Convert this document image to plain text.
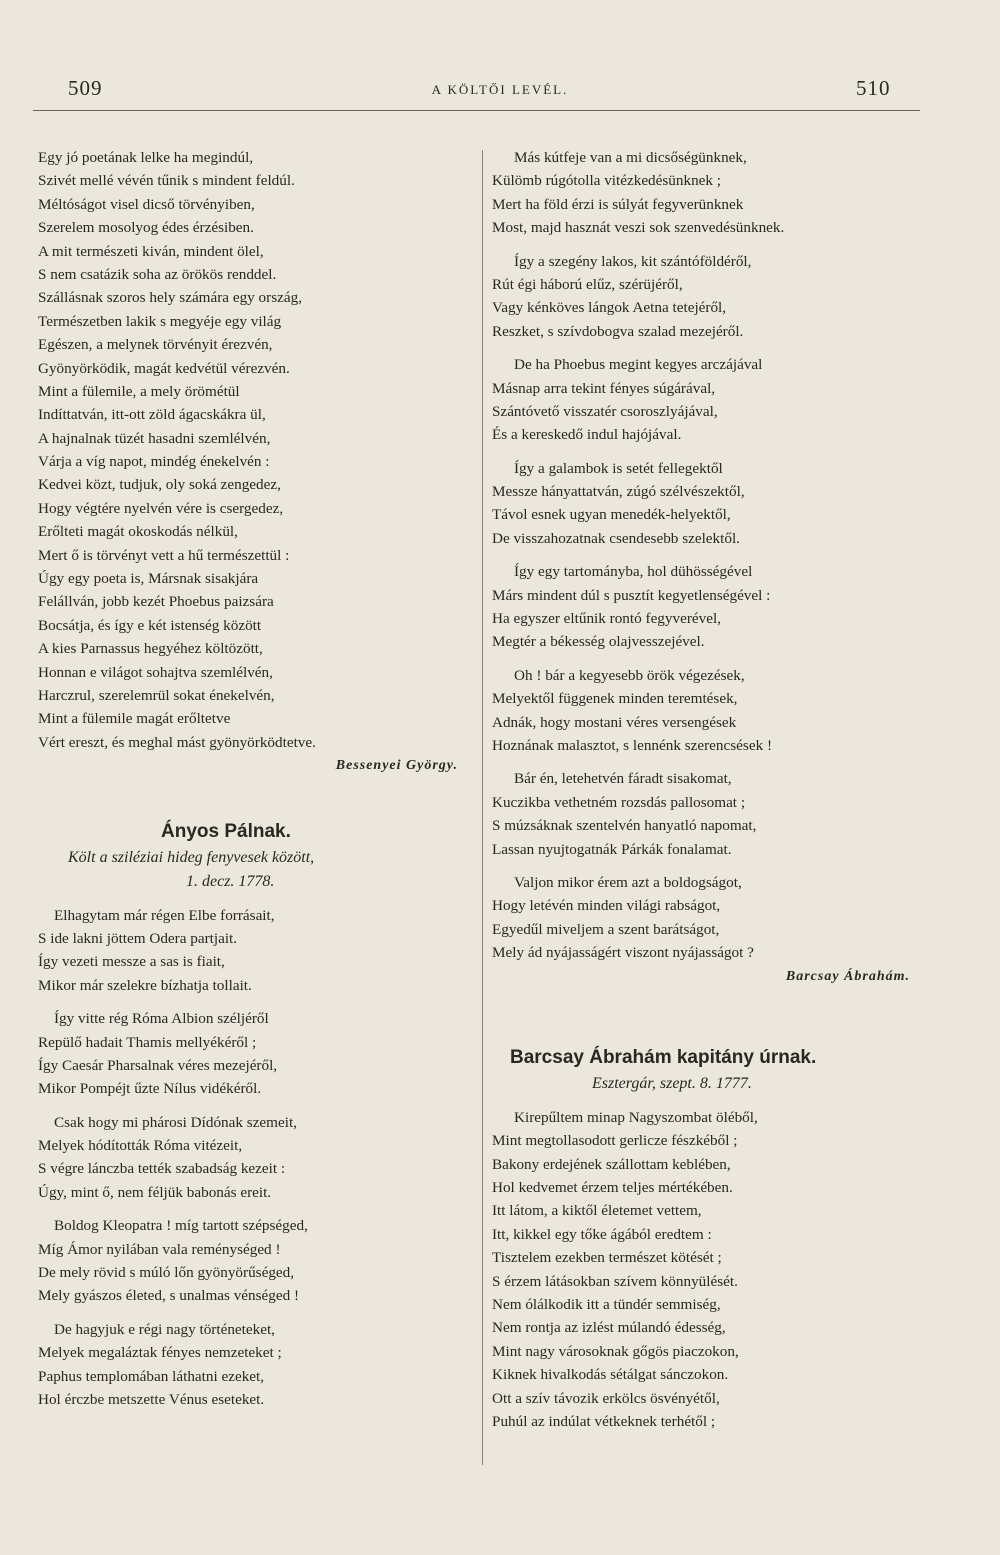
509	A KÖLTŐI LEVÉL.	510
Egy jó poetának lelke ha megindúl,
Szivét mellé vévén tűnik s mindent feldúl.
Méltóságot visel dicső törvényiben,
Szerelem mosolyog édes érzésiben.
A mit természeti kiván, mindent ölel,
S nem csatázik soha az örökös renddel.
Szállásnak szoros hely számára egy ország,
Természetben lakik s megyéje egy világ
Egészen, a melynek törvényit érezvén,
Gyönyörködik, magát kedvétül vérezvén.
Mint a fülemile, a mely örömétül
Indíttatván, itt-ott zöld ágacskákra ül,
A hajnalnak tüzét hasadni szemlélvén,
Várja a víg napot, mindég énekelvén :
Kedvei közt, tudjuk, oly soká zengedez,
Hogy végtére nyelvén vére is csergedez,
Erőlteti magát okoskodás nélkül,
Mert ő is törvényt vett a hű természettül :
Úgy egy poeta is, Mársnak sisakjára
Felállván, jobb kezét Phoebus paizsára
Bocsátja, és így e két istenség között
A kies Parnassus hegyéhez költözött,
Honnan e világot sohajtva szemlélvén,
Harczrul, szerelemrül sokat énekelvén,
Mint a fülemile magát erőltetve
Vért ereszt, és meghal mást gyönyörködtetve.
Bessenyei György.
Ányos Pálnak.
Költ a sziléziai hideg fenyvesek között,
1. decz. 1778.
Elhagytam már régen Elbe forrásait,
S ide lakni jöttem Odera partjait.
Így vezeti messze a sas is fiait,
Mikor már szelekre bízhatja tollait.
Így vitte rég Róma Albion széljéről
Repülő hadait Thamis mellyékéről ;
Így Caesár Pharsalnak véres mezejéről,
Mikor Pompéjt űzte Nílus vidékéről.
Csak hogy mi phárosi Dídónak szemeit,
Melyek hódították Róma vitézeit,
S végre lánczba tették szabadság kezeit :
Úgy, mint ő, nem féljük babonás ereit.
Boldog Kleopatra ! míg tartott szépséged,
Míg Ámor nyilában vala reménységed !
De mely rövid s múló lőn gyönyörűséged,
Mely gyászos életed, s unalmas vénséged !
De hagyjuk e régi nagy történeteket,
Melyek megaláztak fényes nemzeteket ;
Paphus templomában láthatni ezeket,
Hol érczbe metszette Vénus eseteket.
Más kútfeje van a mi dicsőségünknek,
Külömb rúgótolla vitézkedésünknek ;
Mert ha föld érzi is súlyát fegyverünknek
Most, majd hasznát veszi sok szenvedésünknek.
Így a szegény lakos, kit szántóföldéről,
Rút égi háború elűz, szérüjéről,
Vagy kénköves lángok Aetna tetejéről,
Reszket, s szívdobogva szalad mezejéről.
De ha Phoebus megint kegyes arczájával
Másnap arra tekint fényes súgárával,
Szántóvető visszatér csoroszlyájával,
És a kereskedő indul hajójával.
Így a galambok is setét fellegektől
Messze hányattatván, zúgó szélvészektől,
Távol esnek ugyan menedék-helyektől,
De visszahozatnak csendesebb szelektől.
Így egy tartományba, hol dühösségével
Márs mindent dúl s pusztít kegyetlenségével :
Ha egyszer eltűnik rontó fegyverével,
Megtér a békesség olajvesszejével.
Oh ! bár a kegyesebb örök végezések,
Melyektől függenek minden teremtések,
Adnák, hogy mostani véres versengések
Hoznának malasztot, s lennénk szerencsések !
Bár én, letehetvén fáradt sisakomat,
Kuczikba vethetném rozsdás pallosomat ;
S múzsáknak szentelvén hanyatló napomat,
Lassan nyujtogatnák Párkák fonalamat.
Valjon mikor érem azt a boldogságot,
Hogy letévén minden világi rabságot,
Egyedűl miveljem a szent barátságot,
Mely ád nyájasságért viszont nyájasságot ?
Barcsay Ábrahám.
Barcsay Ábrahám kapitány úrnak.
Esztergár, szept. 8. 1777.
Kirepűltem minap Nagyszombat öléből,
Mint megtollasodott gerlicze fészkéből ;
Bakony erdejének szállottam keblében,
Hol kedvemet érzem teljes mértékében.
Itt látom, a kiktől életemet vettem,
Itt, kikkel egy tőke ágából eredtem :
Tisztelem ezekben természet kötését ;
S érzem látásokban szívem könnyülését.
Nem ólálkodik itt a tündér semmiség,
Nem rontja az izlést múlandó édesség,
Mint nagy városoknak gőgös piaczokon,
Kiknek hivalkodás sétálgat sánczokon.
Ott a szív távozik erkölcs ösvényétől,
Puhúl az indúlat vétkeknek terhétől ;
